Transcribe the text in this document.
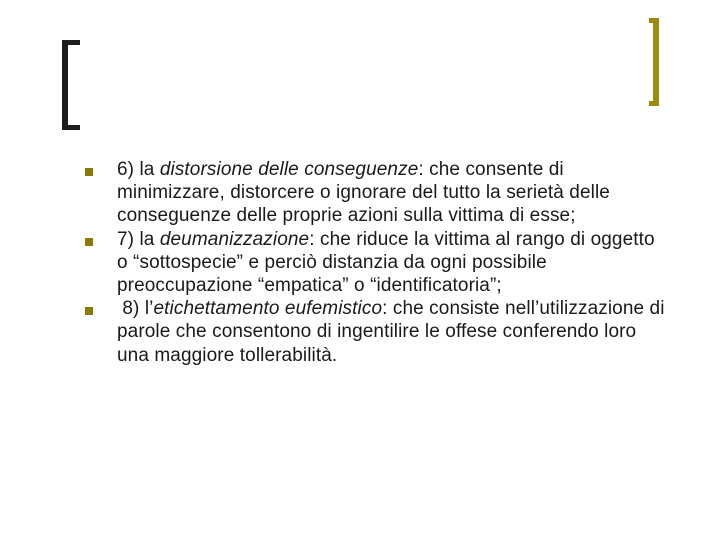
6) la distorsione delle conseguenze: che consente di minimizzare, distorcere o ignorare del tutto la serietà delle conseguenze delle proprie azioni sulla vittima di esse;
7) la deumanizzazione: che riduce la vittima al rango di oggetto o “sottospecie” e perciò distanzia da ogni possibile preoccupazione “empatica” o “identificatoria”;
8) l’etichettamento eufemistico: che consiste nell’utilizzazione di parole che consentono di ingentilire le offese conferendo loro una maggiore tollerabilità.
